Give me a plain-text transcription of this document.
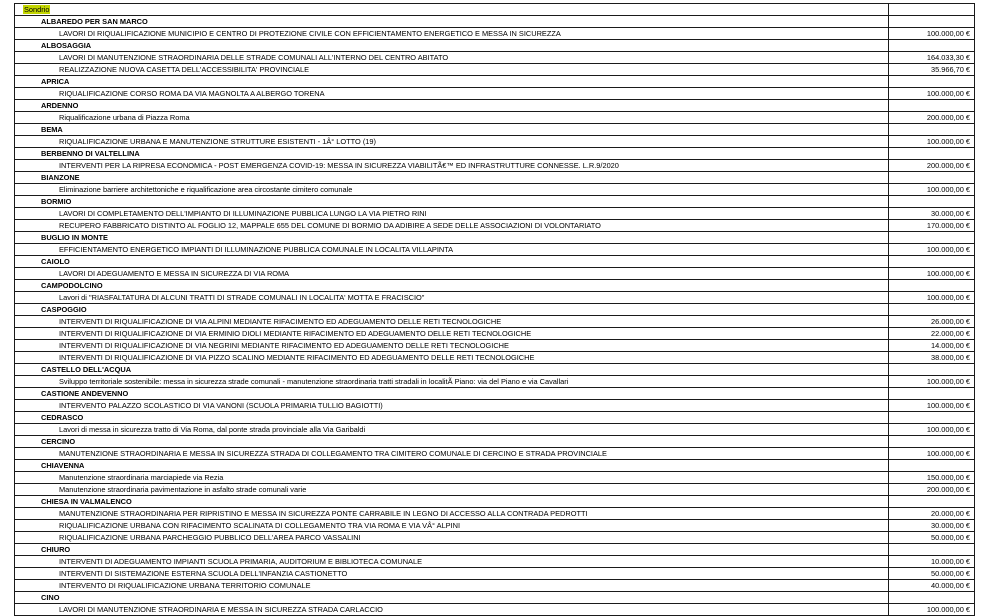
Sondrio	
ALBAREDO PER SAN MARCO	
LAVORI DI RIQUALIFICAZIONE MUNICIPIO E CENTRO DI PROTEZIONE CIVILE CON EFFICIENTAMENTO ENERGETICO E MESSA IN SICUREZZA	100.000,00 €
ALBOSAGGIA	
LAVORI DI MANUTENZIONE STRAORDINARIA DELLE STRADE COMUNALI ALL'INTERNO DEL CENTRO ABITATO	164.033,30 €
REALIZZAZIONE NUOVA CASETTA DELL'ACCESSIBILITA' PROVINCIALE	35.966,70 €
APRICA	
RIQUALIFICAZIONE CORSO ROMA DA VIA MAGNOLTA A ALBERGO TORENA	100.000,00 €
ARDENNO	
Riqualificazione urbana di Piazza Roma	200.000,00 €
BEMA	
RIQUALIFICAZIONE URBANA E MANUTENZIONE STRUTTURE ESISTENTI - 1Â° LOTTO (19)	100.000,00 €
BERBENNO DI VALTELLINA	
INTERVENTI PER LA RIPRESA ECONOMICA - POST EMERGENZA COVID-19: MESSA IN SICUREZZA VIABILITÃ€™ ED INFRASTRUTTURE CONNESSE. L.R.9/2020	200.000,00 €
BIANZONE	
Eliminazione barriere architettoniche e riqualificazione area circostante cimitero comunale	100.000,00 €
BORMIO	
LAVORI DI COMPLETAMENTO DELL'IMPIANTO DI ILLUMINAZIONE PUBBLICA LUNGO LA VIA PIETRO RINI	30.000,00 €
RECUPERO FABBRICATO DISTINTO AL FOGLIO 12, MAPPALE 655 DEL COMUNE DI BORMIO DA ADIBIRE A SEDE DELLE ASSOCIAZIONI DI VOLONTARIATO	170.000,00 €
BUGLIO IN MONTE	
EFFICIENTAMENTO ENERGETICO IMPIANTI DI ILLUMINAZIONE PUBBLICA COMUNALE IN LOCALITA VILLAPINTA	100.000,00 €
CAIOLO	
LAVORI DI ADEGUAMENTO E MESSA IN SICUREZZA DI VIA ROMA	100.000,00 €
CAMPODOLCINO	
Lavori di "RIASFALTATURA DI ALCUNI TRATTI DI STRADE COMUNALI IN LOCALITA' MOTTA E FRACISCIO"	100.000,00 €
CASPOGGIO	
INTERVENTI DI RIQUALIFICAZIONE DI VIA ALPINI MEDIANTE RIFACIMENTO ED ADEGUAMENTO DELLE RETI TECNOLOGICHE	26.000,00 €
INTERVENTI DI RIQUALIFICAZIONE DI VIA ERMINIO DIOLI MEDIANTE RIFACIMENTO ED ADEGUAMENTO DELLE RETI TECNOLOGICHE	22.000,00 €
INTERVENTI DI RIQUALIFICAZIONE DI VIA NEGRINI MEDIANTE RIFACIMENTO ED ADEGUAMENTO DELLE RETI TECNOLOGICHE	14.000,00 €
INTERVENTI DI RIQUALIFICAZIONE DI VIA PIZZO SCALINO MEDIANTE RIFACIMENTO ED ADEGUAMENTO DELLE RETI TECNOLOGICHE	38.000,00 €
CASTELLO DELL'ACQUA	
Sviluppo territoriale sostenibile: messa in sicurezza strade comunali - manutenzione straordinaria tratti stradali in localitÃ Piano: via del Piano e via Cavallari	100.000,00 €
CASTIONE ANDEVENNO	
INTERVENTO PALAZZO SCOLASTICO DI VIA VANONI (SCUOLA PRIMARIA TULLIO BAGIOTTI)	100.000,00 €
CEDRASCO	
Lavori di messa in sicurezza tratto di Via Roma, dal ponte strada provinciale alla Via Garibaldi	100.000,00 €
CERCINO	
MANUTENZIONE STRAORDINARIA E MESSA IN SICUREZZA STRADA DI COLLEGAMENTO TRA CIMITERO COMUNALE DI CERCINO E STRADA PROVINCIALE	100.000,00 €
CHIAVENNA	
Manutenzione straordinaria marciapiede via Rezia	150.000,00 €
Manutenzione straordinaria pavimentazione in asfalto strade comunali varie	200.000,00 €
CHIESA IN VALMALENCO	
MANUTENZIONE STRAORDINARIA PER RIPRISTINO E MESSA IN SICUREZZA PONTE CARRABILE IN LEGNO DI ACCESSO ALLA CONTRADA PEDROTTI	20.000,00 €
RIQUALIFICAZIONE URBANA CON RIFACIMENTO SCALINATA DI COLLEGAMENTO TRA VIA ROMA E VIA VÂ° ALPINI	30.000,00 €
RIQUALIFICAZIONE URBANA PARCHEGGIO PUBBLICO DELL'AREA PARCO VASSALINI	50.000,00 €
CHIURO	
INTERVENTI DI ADEGUAMENTO IMPIANTI SCUOLA PRIMARIA, AUDITORIUM E BIBLIOTECA COMUNALE	10.000,00 €
INTERVENTI DI SISTEMAZIONE ESTERNA SCUOLA DELL'INFANZIA CASTIONETTO	50.000,00 €
INTERVENTO DI RIQUALIFICAZIONE URBANA TERRITORIO COMUNALE	40.000,00 €
CINO	
LAVORI DI MANUTENZIONE STRAORDINARIA E MESSA IN SICUREZZA STRADA CARLACCIO	100.000,00 €
